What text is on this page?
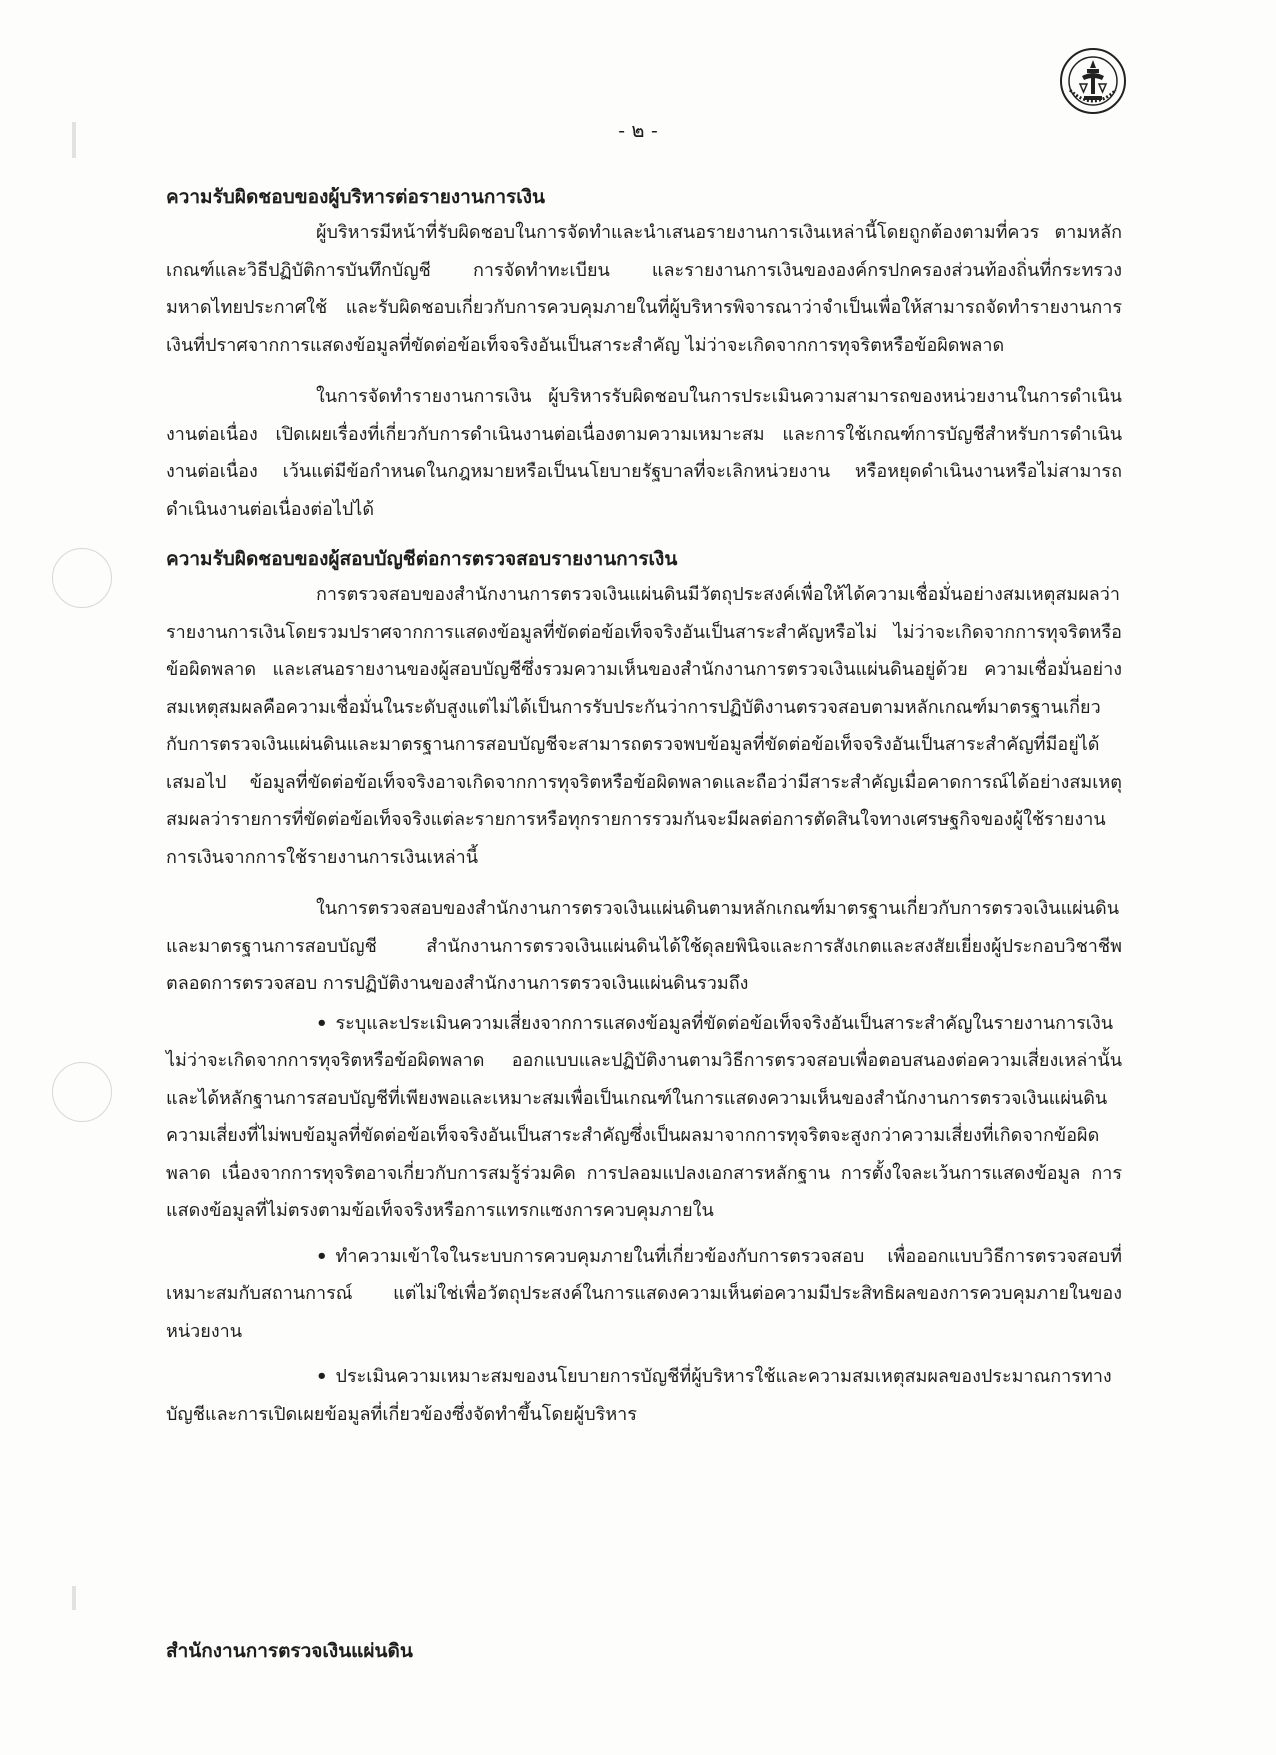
- ๒ -
ความรับผิดชอบของผู้บริหารต่อรายงานการเงิน

ผู้บริหารมีหน้าที่รับผิดชอบในการจัดทำและนำเสนอรายงานการเงินเหล่านี้โดยถูกต้องตามที่ควร ตามหลักเกณฑ์และวิธีปฏิบัติการบันทึกบัญชี การจัดทำทะเบียน และรายงานการเงินขององค์กรปกครองส่วนท้องถิ่นที่กระทรวงมหาดไทยประกาศใช้ และรับผิดชอบเกี่ยวกับการควบคุมภายในที่ผู้บริหารพิจารณาว่าจำเป็นเพื่อให้สามารถจัดทำรายงานการเงินที่ปราศจากการแสดงข้อมูลที่ขัดต่อข้อเท็จจริงอันเป็นสาระสำคัญ ไม่ว่าจะเกิดจากการทุจริตหรือข้อผิดพลาด

ในการจัดทำรายงานการเงิน ผู้บริหารรับผิดชอบในการประเมินความสามารถของหน่วยงานในการดำเนินงานต่อเนื่อง เปิดเผยเรื่องที่เกี่ยวกับการดำเนินงานต่อเนื่องตามความเหมาะสม และการใช้เกณฑ์การบัญชีสำหรับการดำเนินงานต่อเนื่อง เว้นแต่มีข้อกำหนดในกฎหมายหรือเป็นนโยบายรัฐบาลที่จะเลิกหน่วยงาน หรือหยุดดำเนินงานหรือไม่สามารถดำเนินงานต่อเนื่องต่อไปได้

ความรับผิดชอบของผู้สอบบัญชีต่อการตรวจสอบรายงานการเงิน

การตรวจสอบของสำนักงานการตรวจเงินแผ่นดินมีวัตถุประสงค์เพื่อให้ได้ความเชื่อมั่นอย่างสมเหตุสมผลว่า รายงานการเงินโดยรวมปราศจากการแสดงข้อมูลที่ขัดต่อข้อเท็จจริงอันเป็นสาระสำคัญหรือไม่ ไม่ว่าจะเกิดจากการทุจริตหรือข้อผิดพลาด และเสนอรายงานของผู้สอบบัญชีซึ่งรวมความเห็นของสำนักงานการตรวจเงินแผ่นดินอยู่ด้วย ความเชื่อมั่นอย่างสมเหตุสมผลคือความเชื่อมั่นในระดับสูงแต่ไม่ได้เป็นการรับประกันว่าการปฏิบัติงานตรวจสอบตามหลักเกณฑ์มาตรฐานเกี่ยวกับการตรวจเงินแผ่นดินและมาตรฐานการสอบบัญชีจะสามารถตรวจพบข้อมูลที่ขัดต่อข้อเท็จจริงอันเป็นสาระสำคัญที่มีอยู่ได้เสมอไป ข้อมูลที่ขัดต่อข้อเท็จจริงอาจเกิดจากการทุจริตหรือข้อผิดพลาดและถือว่ามีสาระสำคัญเมื่อคาดการณ์ได้อย่างสมเหตุสมผลว่ารายการที่ขัดต่อข้อเท็จจริงแต่ละรายการหรือทุกรายการรวมกันจะมีผลต่อการตัดสินใจทางเศรษฐกิจของผู้ใช้รายงานการเงินจากการใช้รายงานการเงินเหล่านี้

ในการตรวจสอบของสำนักงานการตรวจเงินแผ่นดินตามหลักเกณฑ์มาตรฐานเกี่ยวกับการตรวจเงินแผ่นดินและมาตรฐานการสอบบัญชี สำนักงานการตรวจเงินแผ่นดินได้ใช้ดุลยพินิจและการสังเกตและสงสัยเยี่ยงผู้ประกอบวิชาชีพตลอดการตรวจสอบ การปฏิบัติงานของสำนักงานการตรวจเงินแผ่นดินรวมถึง

• ระบุและประเมินความเสี่ยงจากการแสดงข้อมูลที่ขัดต่อข้อเท็จจริงอันเป็นสาระสำคัญในรายงานการเงิน ไม่ว่าจะเกิดจากการทุจริตหรือข้อผิดพลาด ออกแบบและปฏิบัติงานตามวิธีการตรวจสอบเพื่อตอบสนองต่อความเสี่ยงเหล่านั้น และได้หลักฐานการสอบบัญชีที่เพียงพอและเหมาะสมเพื่อเป็นเกณฑ์ในการแสดงความเห็นของสำนักงานการตรวจเงินแผ่นดิน ความเสี่ยงที่ไม่พบข้อมูลที่ขัดต่อข้อเท็จจริงอันเป็นสาระสำคัญซึ่งเป็นผลมาจากการทุจริตจะสูงกว่าความเสี่ยงที่เกิดจากข้อผิดพลาด เนื่องจากการทุจริตอาจเกี่ยวกับการสมรู้ร่วมคิด การปลอมแปลงเอกสารหลักฐาน การตั้งใจละเว้นการแสดงข้อมูล การแสดงข้อมูลที่ไม่ตรงตามข้อเท็จจริงหรือการแทรกแซงการควบคุมภายใน

• ทำความเข้าใจในระบบการควบคุมภายในที่เกี่ยวข้องกับการตรวจสอบ เพื่อออกแบบวิธีการตรวจสอบที่เหมาะสมกับสถานการณ์ แต่ไม่ใช่เพื่อวัตถุประสงค์ในการแสดงความเห็นต่อความมีประสิทธิผลของการควบคุมภายในของหน่วยงาน

• ประเมินความเหมาะสมของนโยบายการบัญชีที่ผู้บริหารใช้และความสมเหตุสมผลของประมาณการทางบัญชีและการเปิดเผยข้อมูลที่เกี่ยวข้องซึ่งจัดทำขึ้นโดยผู้บริหาร

สำนักงานการตรวจเงินแผ่นดิน
